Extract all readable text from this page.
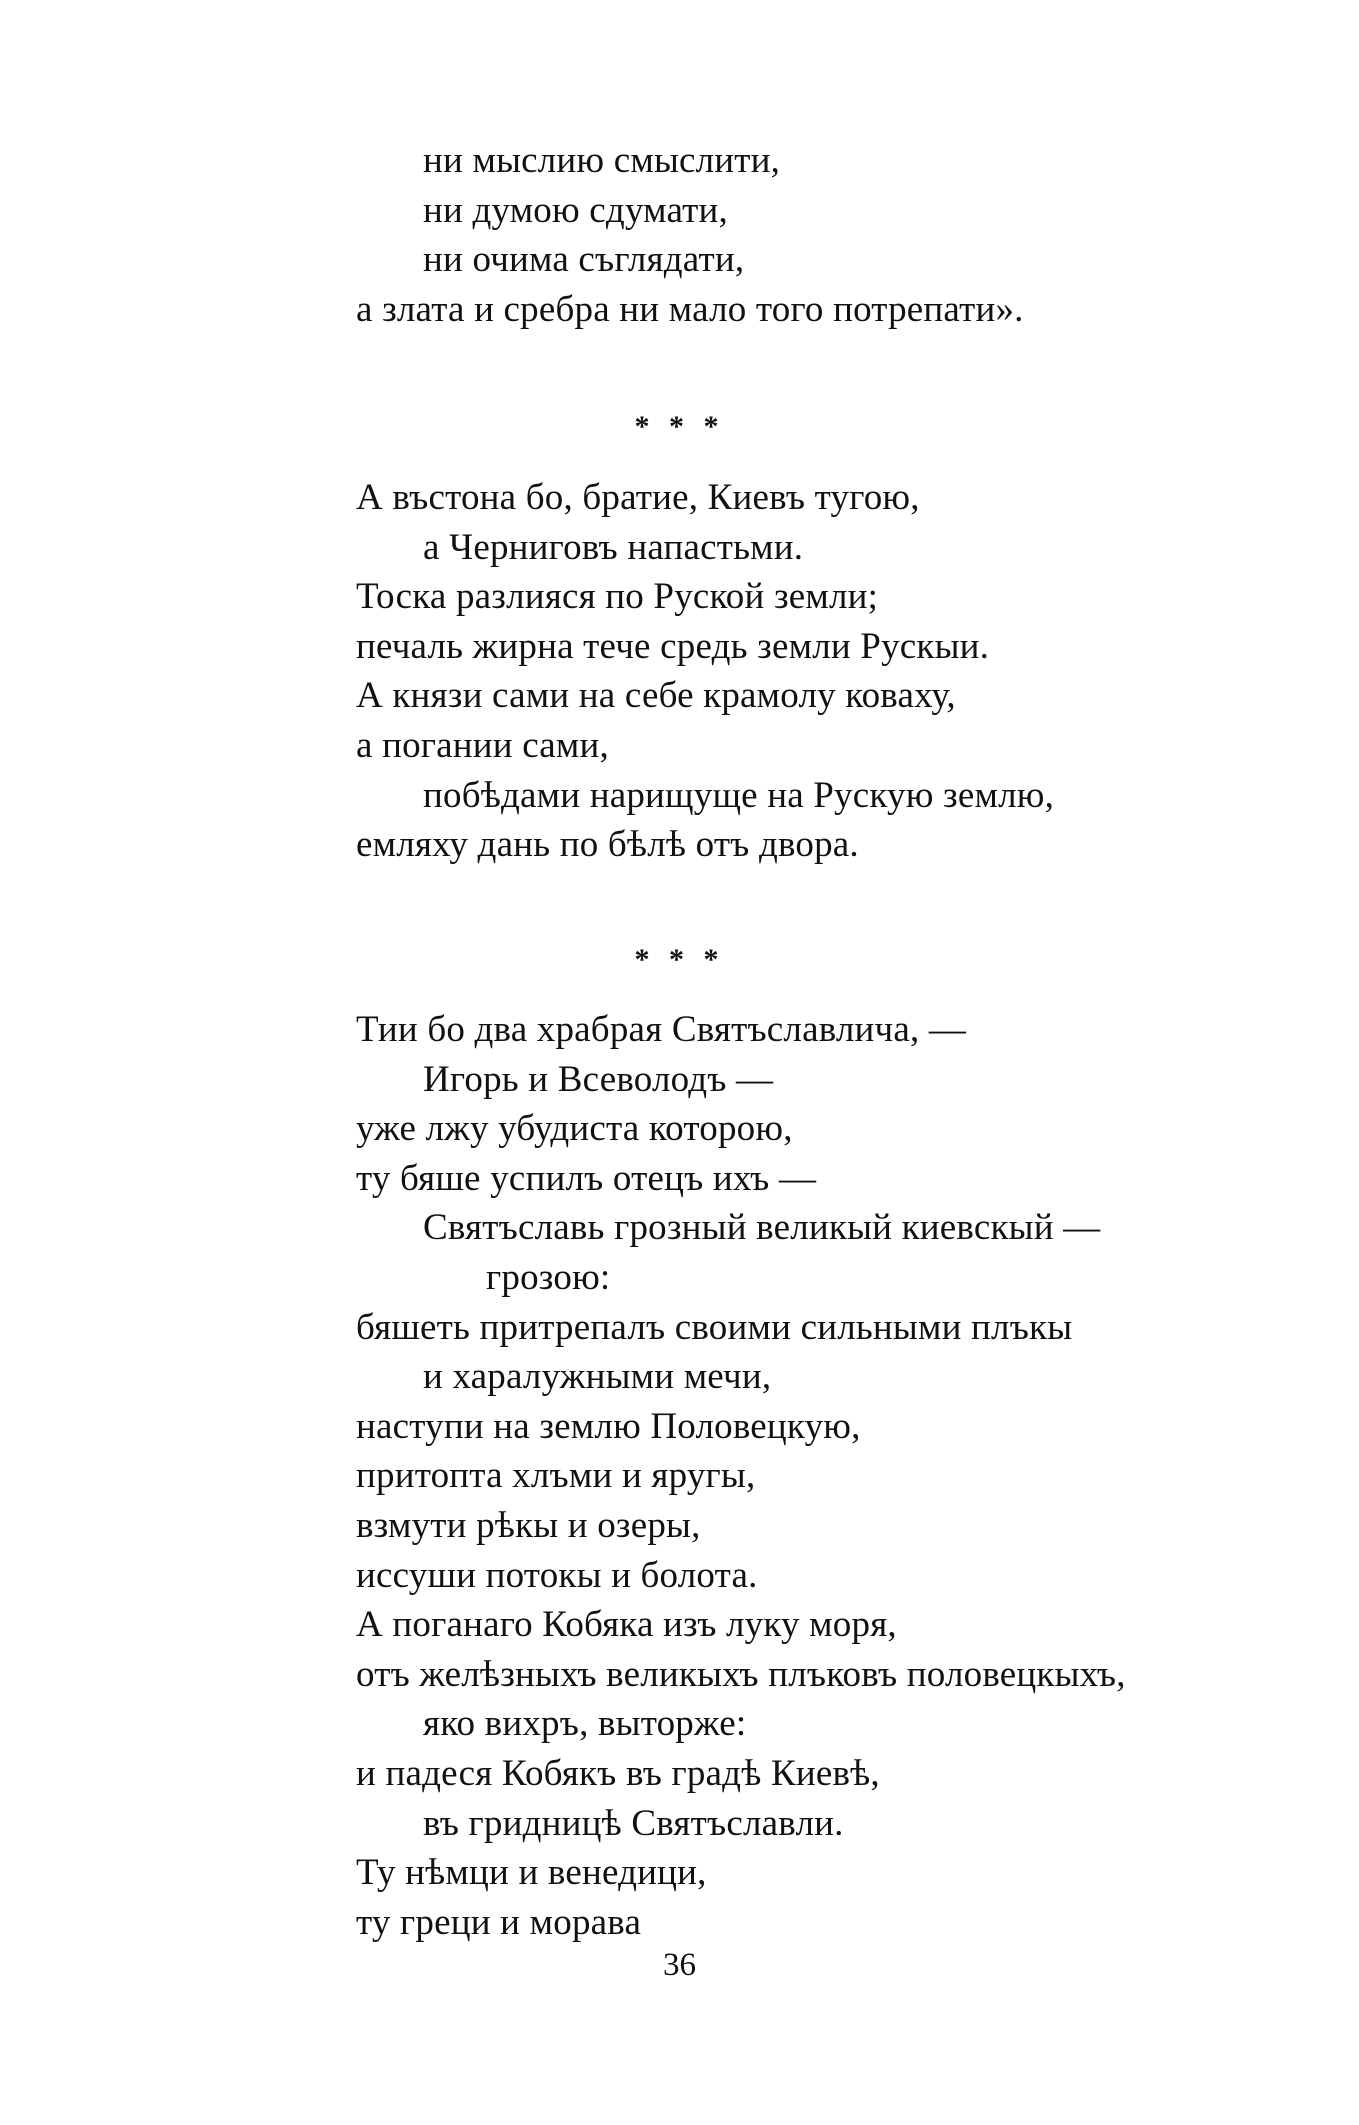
ни мыслию смыслити,
ни думою сдумати,
ни очима съглядати,
а злата и сребра ни мало того потрепати».
* * *
А въстона бо, братие, Киевъ тугою,
а Черниговъ напастьми.
Тоска разлияся по Руской земли;
печаль жирна тече средь земли Рускыи.
А князи сами на себе крамолу коваху,
а погании сами,
побѣдами нарищуще на Рускую землю,
емляху дань по бѣлѣ отъ двора.
* * *
Тии бо два храбрая Святъславлича, —
Игорь и Всеволодъ —
уже лжу убудиста которою,
ту бяше успилъ отецъ ихъ —
Святъславь грозный великый киевскый —
грозою:
бяшеть притрепалъ своими сильными плъкы
и харалужными мечи,
наступи на землю Половецкую,
притопта хлъми и яругы,
взмути рѣкы и озеры,
иссуши потокы и болота.
А поганаго Кобяка изъ луку моря,
отъ желѣзныхъ великыхъ плъковъ половецкыхъ,
яко вихръ, выторже:
и падеся Кобякъ въ градѣ Киевѣ,
въ гридницѣ Святъславли.
Ту нѣмци и венедици,
ту греци и морава
36
